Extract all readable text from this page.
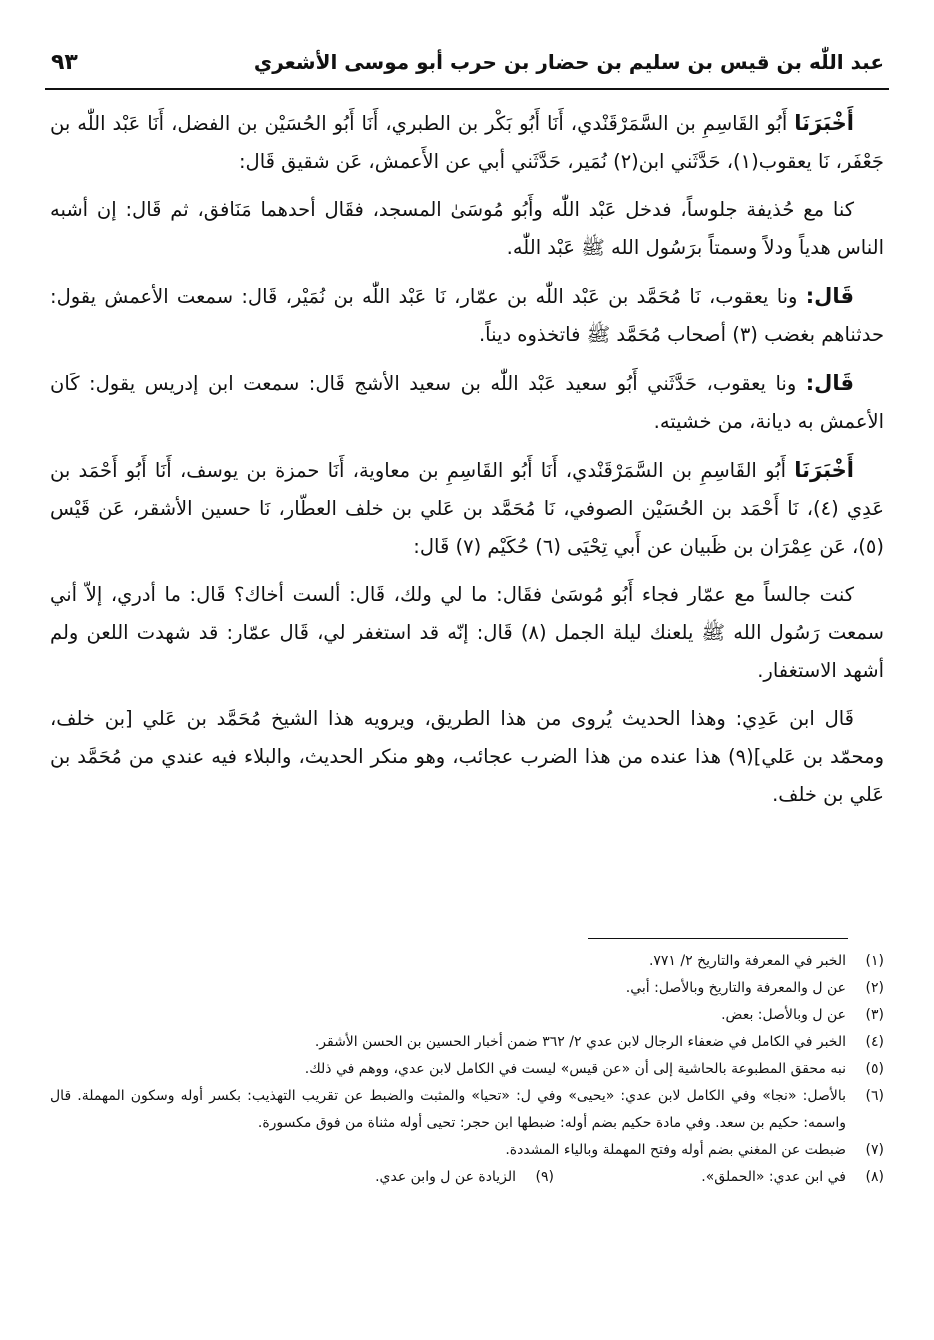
عبد اللّٰه بن قيس بن سليم بن حضار بن حرب أبو موسى الأشعري
٩٣

أَخْبَرَنَا أَبُو القَاسِمِ بن السَّمَرْقَنْدي، أَنَا أَبُو بَكْر بن الطبري، أَنَا أَبُو الحُسَيْن بن الفضل، أَنَا عَبْد اللّٰه بن جَعْفَر، نَا يعقوب(١)، حَدَّثَني ابن(٢) نُمَير، حَدَّثَني أبي عن الأَعمش، عَن شقيق قَال:

كنا مع حُذيفة جلوساً، فدخل عَبْد اللّٰه وأَبُو مُوسَىٰ المسجد، فقَال أحدهما مَنَافق، ثم قَال: إن أشبه الناس هدياً ودلاً وسمتاً برَسُول الله ﷺ عَبْد اللّٰه.

قَال: ونا يعقوب، نَا مُحَمَّد بن عَبْد اللّٰه بن عمّار، نَا عَبْد اللّٰه بن نُمَيْر، قَال: سمعت الأعمش يقول: حدثناهم بغضب (٣) أصحاب مُحَمَّد ﷺ فاتخذوه ديناً.

قَال: ونا يعقوب، حَدَّثَني أَبُو سعيد عَبْد اللّٰه بن سعيد الأشج قَال: سمعت ابن إدريس يقول: كَان الأعمش به ديانة، من خشيته.

أَخْبَرَنَا أَبُو القَاسِمِ بن السَّمَرْقَنْدي، أَنَا أَبُو القَاسِمِ بن معاوية، أَنَا حمزة بن يوسف، أَنَا أَبُو أَحْمَد بن عَدِي (٤)، نَا أَحْمَد بن الحُسَيْن الصوفي، نَا مُحَمَّد بن عَلي بن خلف العطّار، نَا حسين الأشقر، عَن قَيْس (٥)، عَن عِمْرَان بن ظَبيان عن أَبي تِحْيَى (٦) حُكَيْم (٧) قَال:

كنت جالساً مع عمّار فجاء أَبُو مُوسَىٰ فقَال: ما لي ولك، قَال: ألست أخاك؟ قَال: ما أدري، إلاّ أني سمعت رَسُول الله ﷺ يلعنك ليلة الجمل (٨) قَال: إنّه قد استغفر لي، قَال عمّار: قد شهدت اللعن ولم أشهد الاستغفار.

قَال ابن عَدِي: وهذا الحديث يُروى من هذا الطريق، ويرويه هذا الشيخ مُحَمَّد بن عَلي [بن خلف، ومحمّد بن عَلي](٩) هذا عنده من هذا الضرب عجائب، وهو منكر الحديث، والبلاء فيه عندي من مُحَمَّد بن عَلي بن خلف.

(١)
الخبر في المعرفة والتاريخ ٢/ ٧٧١.
(٢)
عن ل والمعرفة والتاريخ وبالأصل: أبي.
(٣)
عن ل وبالأصل: بعض.
(٤)
الخبر في الكامل في ضعفاء الرجال لابن عدي ٢/ ٣٦٢ ضمن أخبار الحسين بن الحسن الأشقر.
(٥)
نبه محقق المطبوعة بالحاشية إلى أن «عن قيس» ليست في الكامل لابن عدي، ووهم في ذلك.
(٦)
بالأصل: «نجا» وفي الكامل لابن عدي: «يحيى» وفي ل: «تحيا» والمثبت والضبط عن تقريب التهذيب: بكسر أوله وسكون المهملة. قال واسمه: حكيم بن سعد. وفي مادة حكيم بضم أوله: ضبطها ابن حجر: تحيى أوله مثناة من فوق مكسورة.
(٧)
ضبطت عن المغني بضم أوله وفتح المهملة وبالياء المشددة.
(٨)
في ابن عدي: «الحملق».
(٩)
الزيادة عن ل وابن عدي.
